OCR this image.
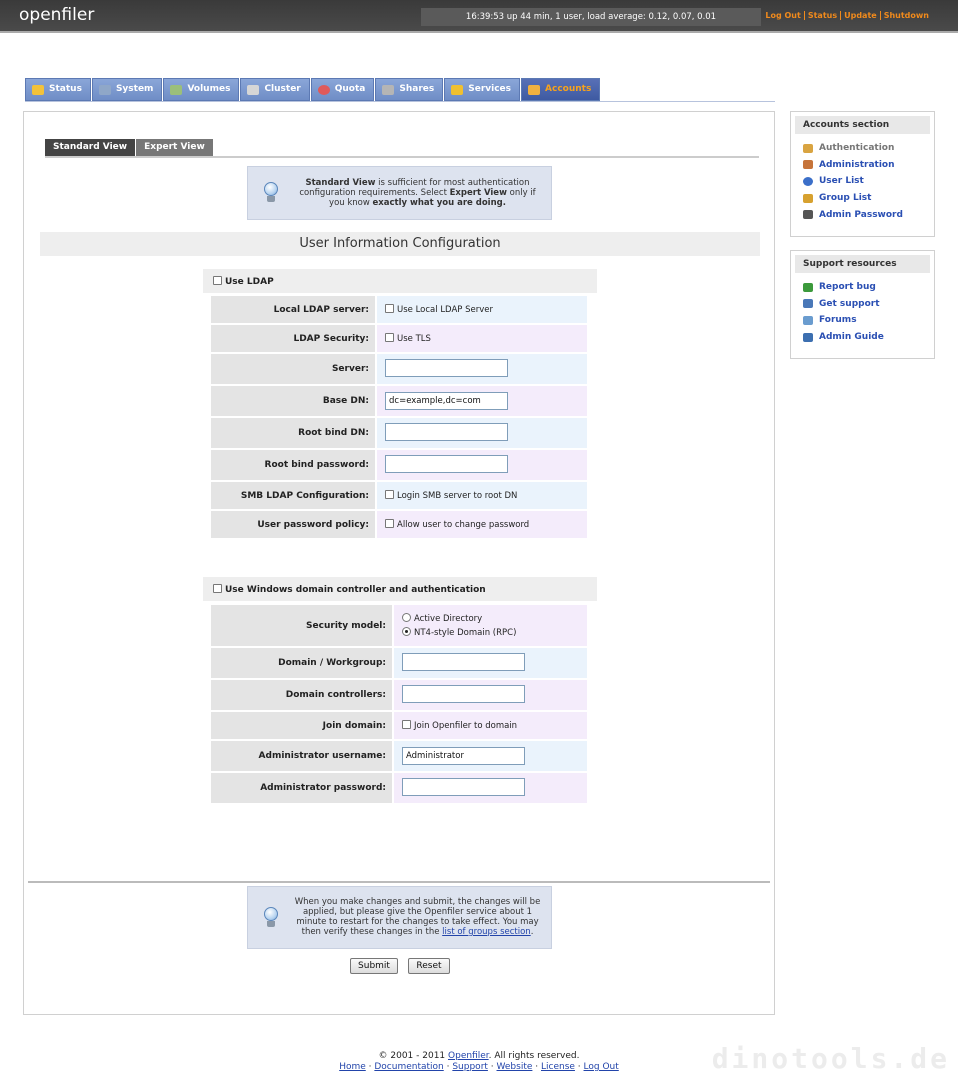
openfiler	16:39:53 up 44 min, 1 user, load average: 0.12, 0.07, 0.01	Log Out Status Update Shutdown
Status	System	Volumes	Cluster	Quota	Shares	Services	Accounts
Standard View	Expert View
Standard View is sufficient for most authentication configuration requirements. Select Expert View only if you know exactly what you are doing.
User Information Configuration
Use LDAP
Local LDAP server:	Use Local LDAP Server
LDAP Security:	Use TLS
Server:	
Base DN:	dc=example,dc=com
Root bind DN:	
Root bind password:	
SMB LDAP Configuration:	Login SMB server to root DN
User password policy:	Allow user to change password
Use Windows domain controller and authentication
Security model:	Active Directory
NT4-style Domain (RPC)

Domain / Workgroup:	
Domain controllers:	
Join domain:	Join Openfiler to domain
Administrator username:	Administrator
Administrator password:	
When you make changes and submit, the changes will be applied, but please give the Openfiler service about 1 minute to restart for the changes to take effect. You may then verify these changes in the list of groups section.
Submit	Reset
Accounts section
Authentication
Administration
User List
Group List
Admin Password
Support resources
Report bug
Get support
Forums
Admin Guide
dinotools.de
© 2001 - 2011 Openfiler. All rights reserved.
Home · Documentation · Support · Website · License · Log Out
